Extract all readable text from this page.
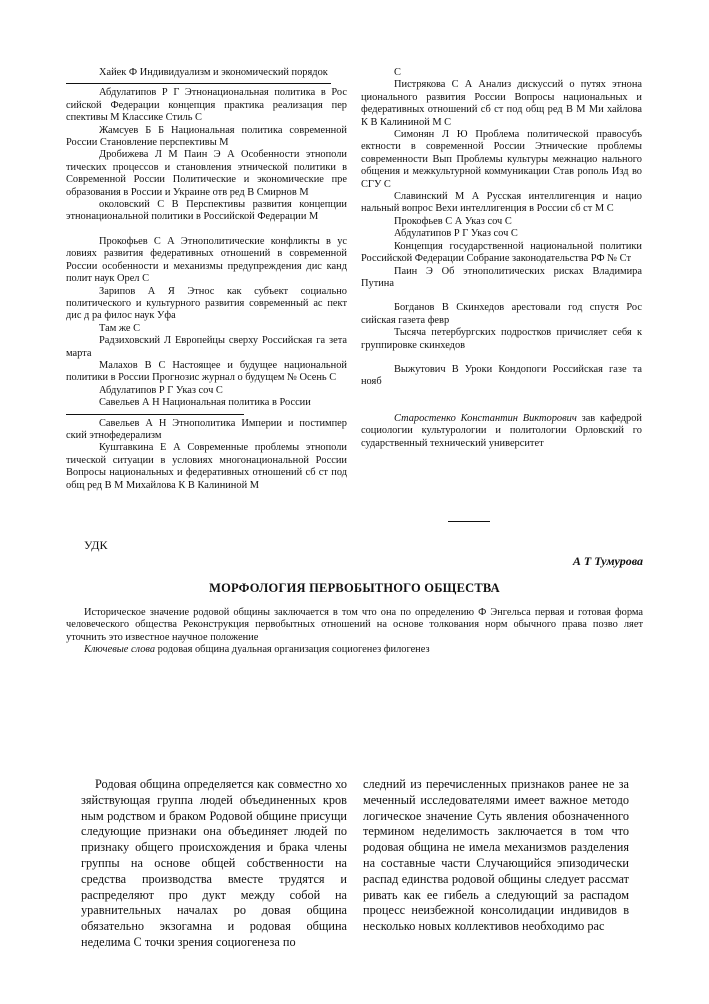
Хайек Ф Индивидуализм и экономический порядок

Абдулатипов Р Г Этнонациональная политика в Рос сийской Федерации концепция практика реализация пер спективы М Классике Стиль С

Жамсуев Б Б Национальная политика современной России Становление перспективы М

Дробижева Л М Паин Э А Особенности этнополи тических процессов и становления этнической политики в Современной России Политические и экономические пре образования в России и Украине отв ред В Смирнов М

околовский С В Перспективы развития концепции этнонациональной политики в Российской Федерации М

Прокофьев С А Этнополитические конфликты в ус ловиях развития федеративных отношений в современной России особенности и механизмы предупреждения дис канд полит наук Орел С

Зарипов А Я Этнос как субъект социально политического и культурного развития современный ас пект дис д ра филос наук Уфа

Там же С

Радзиховский Л Европейцы сверху Российская га зета марта

Малахов В С Настоящее и будущее национальной политики в России Прогнозис журнал о будущем № Осень С

Абдулатипов Р Г Указ соч С

Савельев А Н Национальная политика в России

Савельев А Н Этнополитика Империи и постимпер ский этнофедерализм

Куштавкина Е А Современные проблемы этнополи тической ситуации в условиях многонациональной России Вопросы национальных и федеративных отношений сб ст под общ ред В М Михайлова К В Калининой М

С

Пистрякова С А Анализ дискуссий о путях этнона ционального развития России Вопросы национальных и федеративных отношений сб ст под общ ред В М Ми хайлова К В Калининой М С

Симонян Л Ю Проблема политической правосубъ ектности в современной России Этнические проблемы современности Вып Проблемы культуры межнацио нального общения и межкультурной коммуникации Став рополь Изд во СГУ С

Славинский М А Русская интеллигенция и нацио нальный вопрос Вехи интеллигенция в России сб ст М С

Прокофьев С А Указ соч С

Абдулатипов Р Г Указ соч С

Концепция государственной национальной политики Российской Федерации Собрание законодательства РФ № Ст

Паин Э Об этнополитических рисках Владимира Путина

Богданов В Скинхедов арестовали год спустя Рос сийская газета февр

Тысяча петербургских подростков причисляет себя к группировке скинхедов

Выжутович В Уроки Кондопоги Российская газе та нояб

Старостенко Константин Викторович зав кафедрой социологии культурологии и политологии Орловский го сударственный технический университет

УДК
А Т Тумурова
МОРФОЛОГИЯ ПЕРВОБЫТНОГО ОБЩЕСТВА

Историческое значение родовой общины заключается в том что она по определению Ф Энгельса первая и готовая форма человеческого общества Реконструкция первобытных отношений на основе толкования норм обычного права позво ляет уточнить это известное научное положение

Ключевые слова родовая община дуальная организация социогенез филогенез

Родовая община определяется как совместно хо зяйствующая группа людей объединенных кров ным родством и браком Родовой общине присущи следующие признаки она объединяет людей по признаку общего происхождения и брака члены группы на основе общей собственности на средства производства вместе трудятся и распределяют про дукт между собой на уравнительных началах ро довая община обязательно экзогамна и родовая община неделима С точки зрения социогенеза по

следний из перечисленных признаков ранее не за меченный исследователями имеет важное методо логическое значение Суть явления обозначенного термином неделимость заключается в том что родовая община не имела механизмов разделения на составные части Случающийся эпизодически распад единства родовой общины следует рассмат ривать как ее гибель а следующий за распадом процесс неизбежной консолидации индивидов в несколько новых коллективов необходимо рас
